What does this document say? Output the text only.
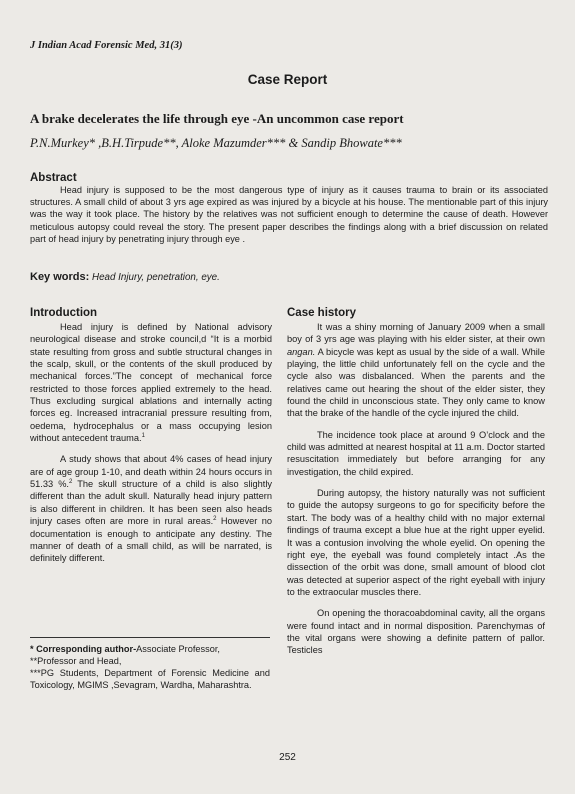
J Indian Acad Forensic Med, 31(3)
Case Report
A brake decelerates the life through eye -An uncommon case report
P.N.Murkey* ,B.H.Tirpude**, Aloke Mazumder*** & Sandip Bhowate***
Abstract
Head injury is supposed to be the most dangerous type of injury as it causes trauma to brain or its associated structures. A small child of about 3 yrs age expired as was injured by a bicycle at his house. The mentionable part of this injury was the way it took place. The history by the relatives was not sufficient enough to determine the cause of death. However meticulous autopsy could reveal the story. The present paper describes the findings along with a brief discussion on related part of head injury by penetrating injury through eye .
Key words: Head Injury, penetration, eye.
Introduction

Head injury is defined by National advisory neurological disease and stroke council,d “It is a morbid state resulting from gross and subtle structural changes in the scalp, skull, or the contents of the skull produced by mechanical forces.”The concept of mechanical force restricted to those forces applied extremely to the head. Thus excluding surgical ablations and internally acting forces eg. Increased intracranial pressure resulting from, oedema, hydrocephalus or a mass occupying lesion without antecedent trauma.$^1$

A study shows that about 4% cases of head injury are of age group 1-10, and death within 24 hours occurs in 51.33 %.$^2$ The skull structure of a child is also slightly different than the adult skull. Naturally head injury pattern is also different in children. It has been seen also heads injury cases often are more in rural areas.$^2$ However no documentation is enough to anticipate any destiny. The manner of death of a small child, as will be narrated, is definitely different.

* Corresponding author-Associate Professor,
**Professor and Head,
***PG Students, Department of Forensic Medicine and Toxicology, MGIMS ,Sevagram, Wardha, Maharashtra.
Case history

It was a shiny morning of January 2009 when a small boy of 3 yrs age was playing with his elder sister, at their own angan. A bicycle was kept as usual by the side of a wall. While playing, the little child unfortunately fell on the cycle and the cycle also was disbalanced. When the parents and the relatives came out hearing the shout of the elder sister, they found the child in unconscious state. They only came to know that the brake of the handle of the cycle injured the child.

The incidence took place at around 9 O’clock and the child was admitted at nearest hospital at 11 a.m. Doctor started resuscitation immediately but before arranging for any investigation, the child expired.

During autopsy, the history naturally was not sufficient to guide the autopsy surgeons to go for specificity before the start. The body was of a healthy child with no major external findings of trauma except a blue hue at the right upper eyelid. It was a contusion involving the whole eyelid. On opening the right eye, the eyeball was found completely intact .As the dissection of the orbit was done, small amount of blood clot was detected at superior aspect of the right eyeball with injury to the extraocular muscles there.

On opening the thoracoabdominal cavity, all the organs were found intact and in normal disposition. Parenchymas of the vital organs were showing a definite pattern of pallor. Testicles

252
